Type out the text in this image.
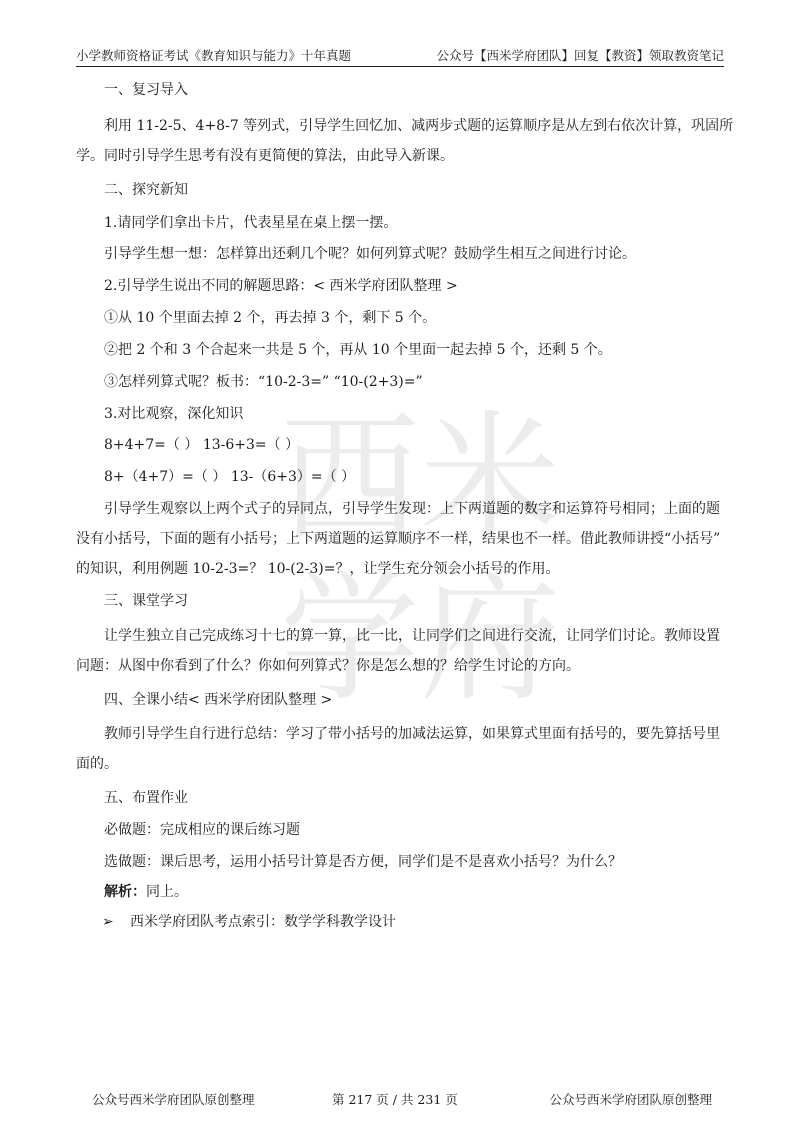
小学教师资格证考试《教育知识与能力》十年真题	公众号【西米学府团队】回复【教资】领取教资笔记
西 米
学 府
一、复习导入
利用 11-2-5、4+8-7 等列式，引导学生回忆加、减两步式题的运算顺序是从左到右依次计算，巩固所
学。同时引导学生思考有没有更简便的算法，由此导入新课。
二、探究新知
1.请同学们拿出卡片，代表星星在桌上摆一摆。
引导学生想一想：怎样算出还剩几个呢？如何列算式呢？鼓励学生相互之间进行讨论。
2.引导学生说出不同的解题思路：< 西米学府团队整理 >
①从 10 个里面去掉 2 个，再去掉 3 个，剩下 5 个。
②把 2 个和 3 个合起来一共是 5 个，再从 10 个里面一起去掉 5 个，还剩 5 个。
③怎样列算式呢？板书：“10-2-3=” “10-(2+3)=”
3.对比观察，深化知识
8+4+7=（ ） 13-6+3=（ ）
8+（4+7）=（ ） 13-（6+3）=（ ）
引导学生观察以上两个式子的异同点，引导学生发现：上下两道题的数字和运算符号相同；上面的题
没有小括号，下面的题有小括号；上下两道题的运算顺序不一样，结果也不一样。借此教师讲授“小括号”
的知识，利用例题 10-2-3=？ 10-(2-3)=？，让学生充分领会小括号的作用。
三、课堂学习
让学生独立自己完成练习十七的算一算，比一比，让同学们之间进行交流，让同学们讨论。教师设置
问题：从图中你看到了什么？你如何列算式？你是怎么想的？给学生讨论的方向。
四、全课小结< 西米学府团队整理 >
教师引导学生自行进行总结：学习了带小括号的加减法运算，如果算式里面有括号的，要先算括号里
面的。
五、布置作业
必做题：完成相应的课后练习题
选做题：课后思考，运用小括号计算是否方便，同学们是不是喜欢小括号？为什么？
解析：同上。
➢ 西米学府团队考点索引：数学学科教学设计
公众号西米学府团队原创整理	第 217 页 / 共 231 页	公众号西米学府团队原创整理
